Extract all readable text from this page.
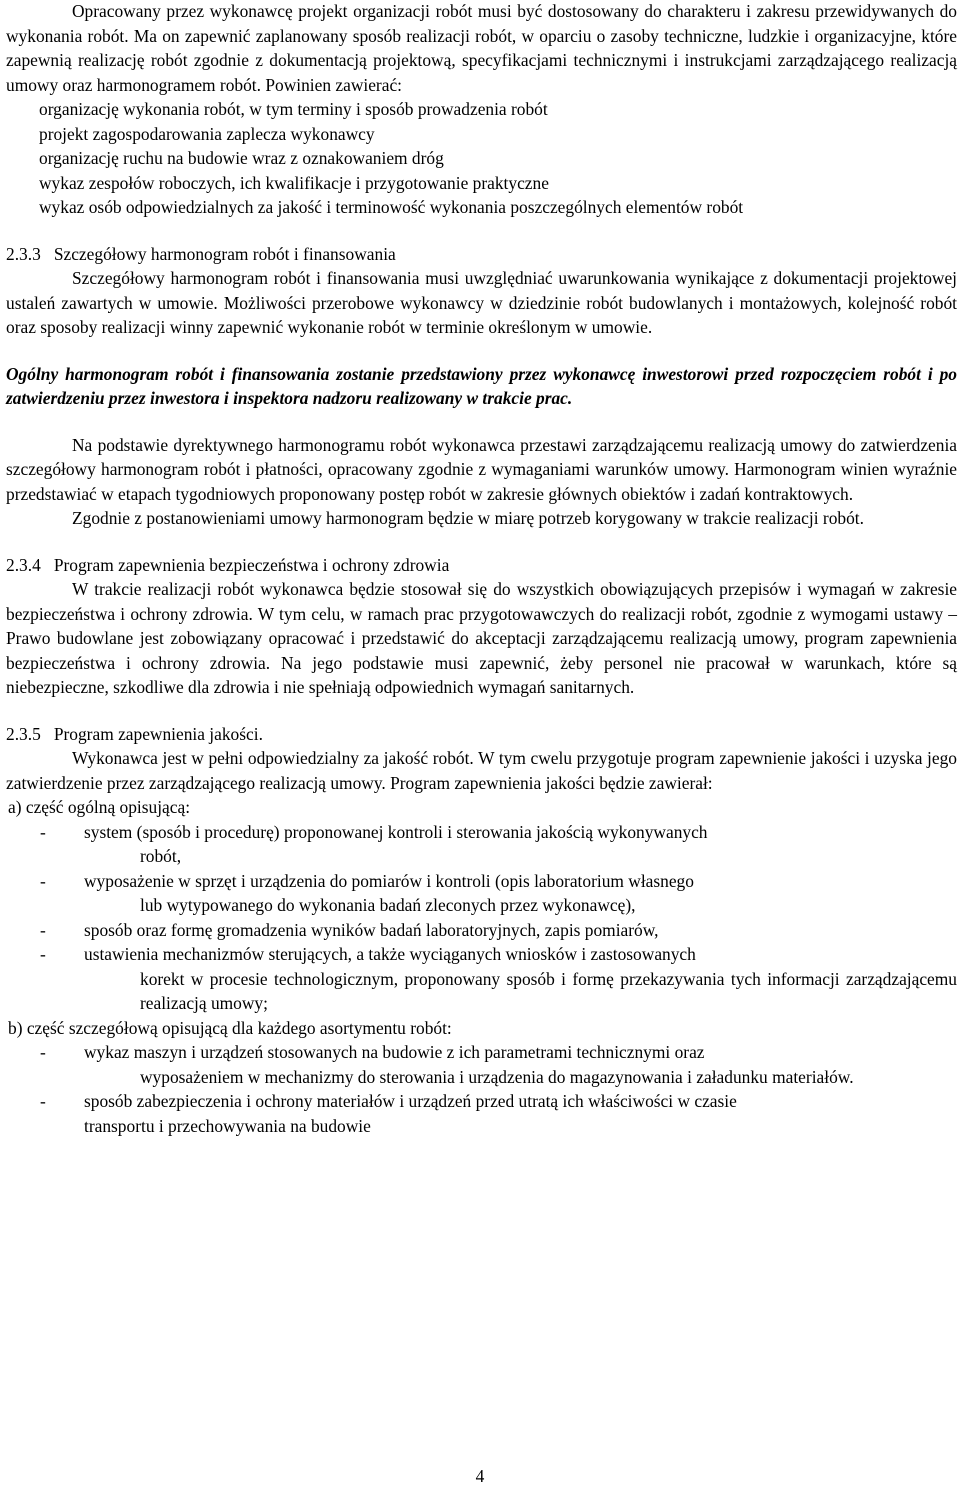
Opracowany przez wykonawcę projekt organizacji robót musi być dostosowany do charakteru i zakresu przewidywanych do wykonania robót. Ma on zapewnić zaplanowany sposób realizacji robót, w oparciu o zasoby techniczne, ludzkie i organizacyjne, które zapewnią realizację robót zgodnie z dokumentacją projektową, specyfikacjami technicznymi i instrukcjami zarządzającego realizacją umowy oraz harmonogramem robót. Powinien zawierać:

organizację wykonania robót, w tym terminy i sposób prowadzenia robót

projekt zagospodarowania zaplecza wykonawcy

organizację ruchu na budowie wraz z oznakowaniem dróg

wykaz zespołów roboczych, ich kwalifikacje i przygotowanie praktyczne

wykaz osób odpowiedzialnych za jakość i terminowość wykonania poszczególnych elementów robót

2.3.3   Szczegółowy harmonogram robót i finansowania

Szczegółowy harmonogram robót i finansowania musi uwzględniać uwarunkowania wynikające z dokumentacji projektowej ustaleń zawartych w umowie. Możliwości przerobowe wykonawcy w dziedzinie robót budowlanych i montażowych, kolejność robót oraz sposoby realizacji winny zapewnić wykonanie robót w terminie określonym w umowie.

Ogólny harmonogram robót i finansowania zostanie przedstawiony przez wykonawcę inwestorowi przed rozpoczęciem robót i po zatwierdzeniu przez inwestora i inspektora nadzoru realizowany w trakcie prac.

Na podstawie dyrektywnego harmonogramu robót wykonawca przestawi zarządzającemu realizacją umowy do zatwierdzenia szczegółowy harmonogram robót i płatności, opracowany zgodnie z wymaganiami warunków umowy. Harmonogram winien wyraźnie przedstawiać w etapach tygodniowych proponowany postęp robót w zakresie głównych obiektów i zadań kontraktowych.

Zgodnie z postanowieniami umowy harmonogram będzie w miarę potrzeb korygowany w trakcie realizacji robót.

2.3.4   Program zapewnienia bezpieczeństwa i ochrony zdrowia

W trakcie realizacji robót wykonawca będzie stosował się do wszystkich obowiązujących przepisów i wymagań w zakresie bezpieczeństwa i ochrony zdrowia. W tym celu, w ramach prac przygotowawczych do realizacji robót, zgodnie z wymogami ustawy – Prawo budowlane jest zobowiązany opracować i przedstawić do akceptacji zarządzającemu realizacją umowy, program zapewnienia bezpieczeństwa i ochrony zdrowia. Na jego podstawie musi zapewnić, żeby personel nie pracował w warunkach, które są niebezpieczne, szkodliwe dla zdrowia i nie spełniają odpowiednich wymagań sanitarnych.

2.3.5   Program zapewnienia jakości.

Wykonawca jest w pełni odpowiedzialny za jakość robót. W tym cwelu przygotuje program zapewnienie jakości i uzyska jego zatwierdzenie przez zarządzającego realizacją umowy. Program zapewnienia jakości będzie zawierał:

a) część ogólną opisującą:

-	system (sposób i procedurę) proponowanej kontroli i sterowania jakością wykonywanych
robót,
-	wyposażenie w sprzęt i urządzenia do pomiarów i kontroli (opis laboratorium własnego
lub wytypowanego do wykonania badań zleconych przez wykonawcę),
-	sposób oraz formę gromadzenia wyników badań laboratoryjnych, zapis pomiarów,
-	ustawienia mechanizmów sterujących, a także wyciąganych wniosków i zastosowanych
korekt w procesie technologicznym, proponowany sposób i formę przekazywania tych informacji zarządzającemu realizacją umowy;

b) część szczegółową opisującą dla każdego asortymentu robót:

-	wykaz maszyn i urządzeń stosowanych na budowie z ich parametrami technicznymi oraz
wyposażeniem w mechanizmy do sterowania i urządzenia do magazynowania i załadunku materiałów.
-	sposób zabezpieczenia i ochrony materiałów i urządzeń przed utratą ich właściwości w czasie
transportu i przechowywania na budowie
4
